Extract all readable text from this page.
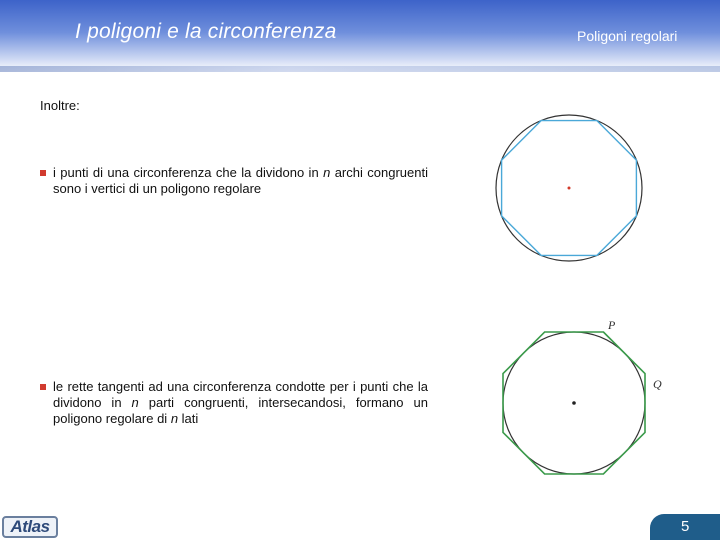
I poligoni e la circonferenza	Poligoni regolari
Inoltre:
i punti di una circonferenza che la dividono in n archi congruenti sono i vertici di un poligono regolare
le rette tangenti ad una circonferenza condotte per i punti che la dividono in n parti congruenti, intersecandosi, formano un poligono regolare di n lati
P
Q
Atlas	5
